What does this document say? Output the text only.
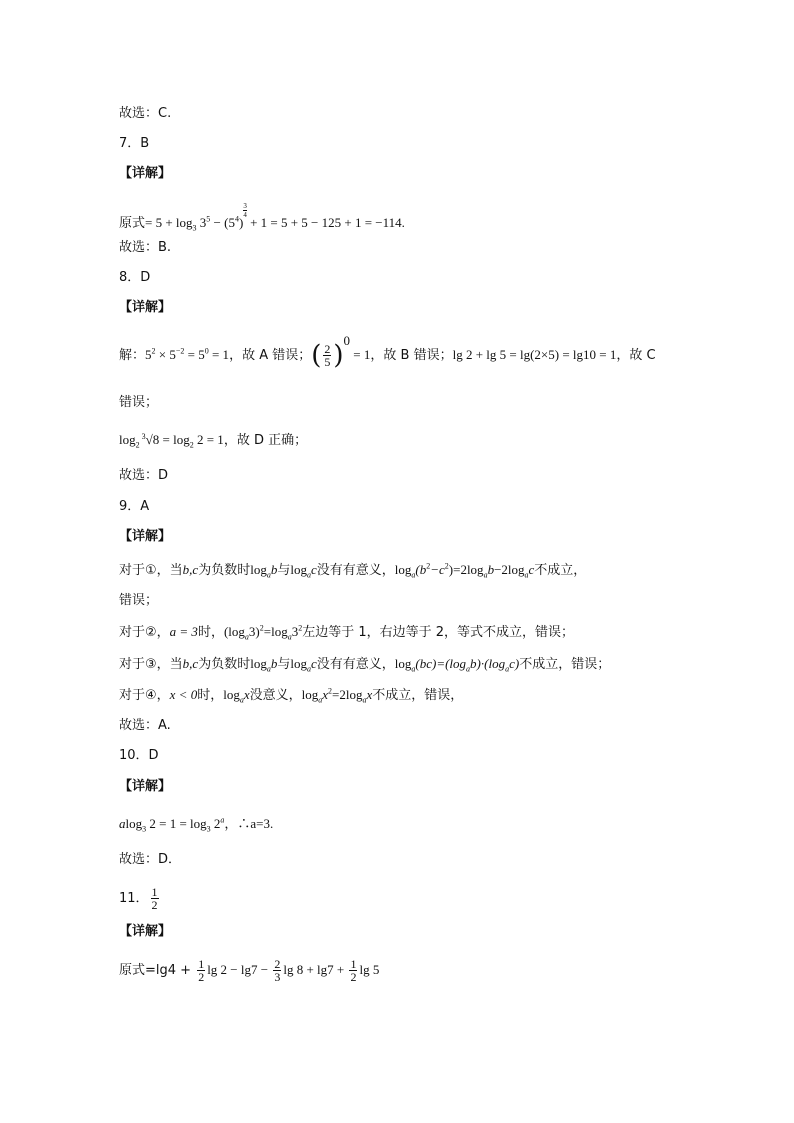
故选：C.
7．B
【详解】
原式= $5 + \log_3 3^5 - (5^4)$
$^{\frac{3}{4}}$
+ 1 = 5 + 5 − 125 + 1 = −114.
故选：B.
8．D
【详解】
解：$5^2 \times 5^{-2} = 5^0 = 1$，故 A 错误；( $\frac{2}{5} )^0 = 1$，故 B 错误；lg 2 + lg 5 = lg(2×5) = lg10 = 1，故 C
错误；
$\log_2^3√8 = \log_2 2 = 1$，故 D 正确；
故选：D
9．A
【详解】
对于①，当b,c为负数时$\log_ab$与$\log_ac$没有有意义，$\log_a(b^2-c^2)=2\log_ab-2\log_ac$不成立，
错误；
对于②，a = 3时，$(\log_a3)^2=\log_a3^2$左边等于 1，右边等于 2，等式不成立，错误；
对于③，当b,c为负数时$\log_ab$与$\log_ac$没有有意义，$\log_a(bc)=(\log_ab)\cdot(\log_ac)$不成立，错误；
对于④，x < 0时，$\log_ax$没意义，$\log_ax^2=2\log_ax$不成立，错误，
故选：A.
10．D
【详解】
alog$_3$ $2 = 1 = \log_3 2^a$，∴a=3.
故选：D．
11． $\frac{1}{2}$
【详解】
原式$=\lg 4 + \frac{1}{2}$ $\lg 2 - \lg 7 - \frac{2}{3}$ $\lg 8 + \lg 7 + \frac{1}{2}$ lg 5
